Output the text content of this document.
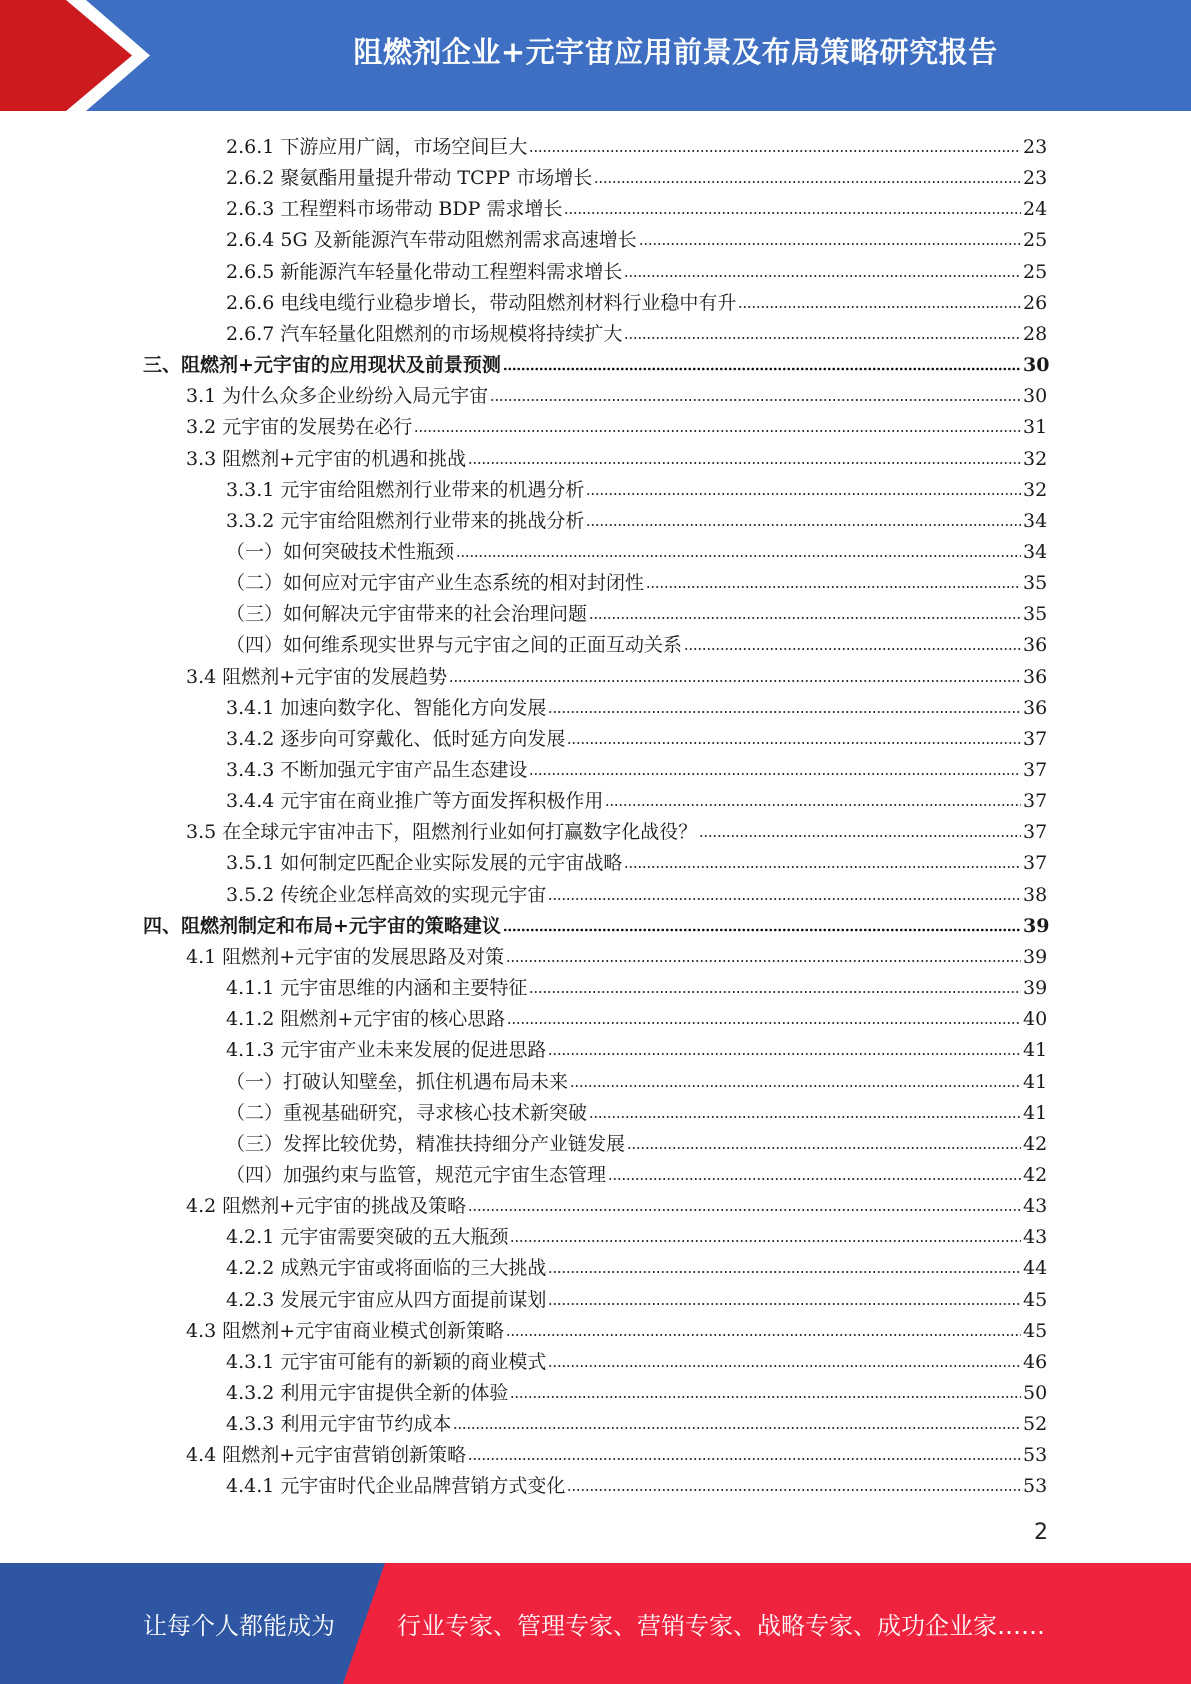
阻燃剂企业+元宇宙应用前景及布局策略研究报告
2.6.1 下游应用广阔，市场空间巨大	23
2.6.2 聚氨酯用量提升带动 TCPP 市场增长	23
2.6.3 工程塑料市场带动 BDP 需求增长	24
2.6.4 5G 及新能源汽车带动阻燃剂需求高速增长	25
2.6.5 新能源汽车轻量化带动工程塑料需求增长	25
2.6.6 电线电缆行业稳步增长，带动阻燃剂材料行业稳中有升	26
2.6.7 汽车轻量化阻燃剂的市场规模将持续扩大	28
三、阻燃剂+元宇宙的应用现状及前景预测	30
3.1 为什么众多企业纷纷入局元宇宙	30
3.2 元宇宙的发展势在必行	31
3.3 阻燃剂+元宇宙的机遇和挑战	32
3.3.1 元宇宙给阻燃剂行业带来的机遇分析	32
3.3.2 元宇宙给阻燃剂行业带来的挑战分析	34
（一）如何突破技术性瓶颈	34
（二）如何应对元宇宙产业生态系统的相对封闭性	35
（三）如何解决元宇宙带来的社会治理问题	35
（四）如何维系现实世界与元宇宙之间的正面互动关系	36
3.4 阻燃剂+元宇宙的发展趋势	36
3.4.1 加速向数字化、智能化方向发展	36
3.4.2 逐步向可穿戴化、低时延方向发展	37
3.4.3 不断加强元宇宙产品生态建设	37
3.4.4 元宇宙在商业推广等方面发挥积极作用	37
3.5 在全球元宇宙冲击下，阻燃剂行业如何打赢数字化战役？	37
3.5.1 如何制定匹配企业实际发展的元宇宙战略	37
3.5.2 传统企业怎样高效的实现元宇宙	38
四、阻燃剂制定和布局+元宇宙的策略建议	39
4.1 阻燃剂+元宇宙的发展思路及对策	39
4.1.1 元宇宙思维的内涵和主要特征	39
4.1.2 阻燃剂+元宇宙的核心思路	40
4.1.3 元宇宙产业未来发展的促进思路	41
（一）打破认知壁垒，抓住机遇布局未来	41
（二）重视基础研究，寻求核心技术新突破	41
（三）发挥比较优势，精准扶持细分产业链发展	42
（四）加强约束与监管，规范元宇宙生态管理	42
4.2 阻燃剂+元宇宙的挑战及策略	43
4.2.1 元宇宙需要突破的五大瓶颈	43
4.2.2 成熟元宇宙或将面临的三大挑战	44
4.2.3 发展元宇宙应从四方面提前谋划	45
4.3 阻燃剂+元宇宙商业模式创新策略	45
4.3.1 元宇宙可能有的新颖的商业模式	46
4.3.2 利用元宇宙提供全新的体验	50
4.3.3 利用元宇宙节约成本	52
4.4 阻燃剂+元宇宙营销创新策略	53
4.4.1 元宇宙时代企业品牌营销方式变化	53
2
让每个人都能成为	行业专家、管理专家、营销专家、战略专家、成功企业家……
